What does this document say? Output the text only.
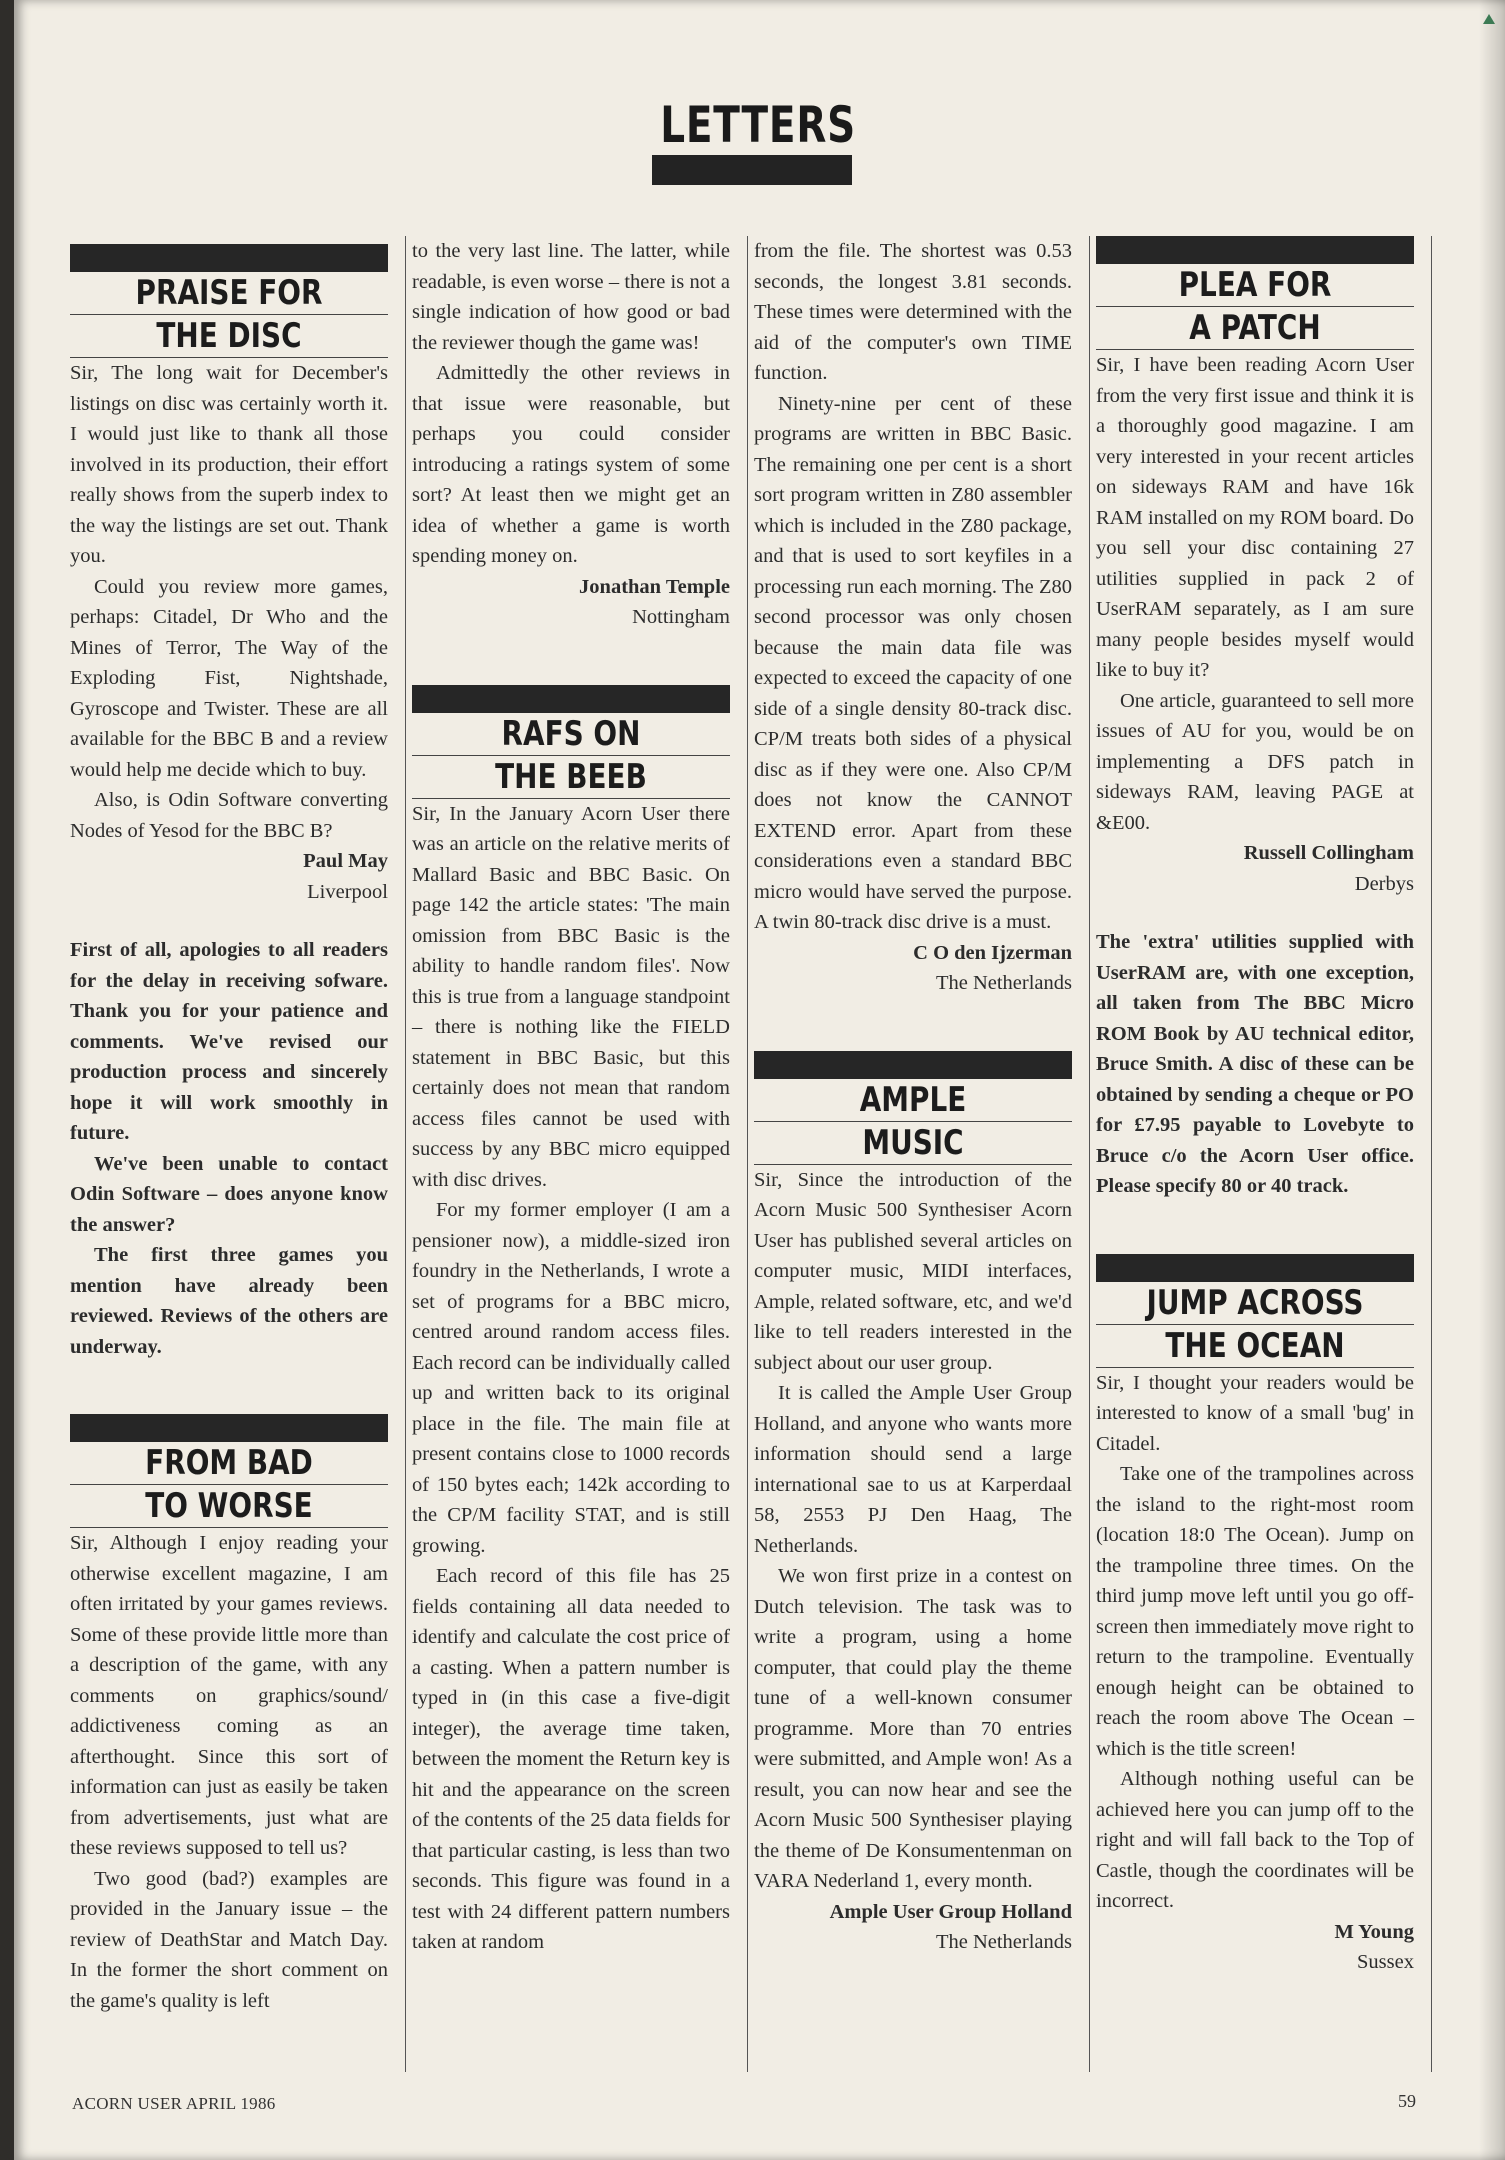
LETTERS
PRAISE FOR
THE DISC

Sir, The long wait for December's listings on disc was certainly worth it. I would just like to thank all those involved in its production, their effort really shows from the superb index to the way the listings are set out. Thank you.

Could you review more games, perhaps: Citadel, Dr Who and the Mines of Terror, The Way of the Exploding Fist, Nightshade, Gyroscope and Twister. These are all available for the BBC B and a review would help me decide which to buy.

Also, is Odin Software converting Nodes of Yesod for the BBC B?

Paul May
Liverpool

First of all, apologies to all readers for the delay in receiving sofware. Thank you for your patience and comments. We've revised our production process and sincerely hope it will work smoothly in future.

We've been unable to contact Odin Software – does anyone know the answer?

The first three games you mention have already been reviewed. Reviews of the others are underway.

FROM BAD
TO WORSE

Sir, Although I enjoy reading your otherwise excellent magazine, I am often irritated by your games reviews. Some of these provide little more than a description of the game, with any comments on graphics/sound/ addictiveness coming as an afterthought. Since this sort of information can just as easily be taken from advertisements, just what are these reviews supposed to tell us?

Two good (bad?) examples are provided in the January issue – the review of DeathStar and Match Day. In the former the short comment on the game's quality is left

to the very last line. The latter, while readable, is even worse – there is not a single indication of how good or bad the reviewer though the game was!

Admittedly the other reviews in that issue were reasonable, but perhaps you could consider introducing a ratings system of some sort? At least then we might get an idea of whether a game is worth spending money on.

Jonathan Temple
Nottingham
RAFS ON
THE BEEB

Sir, In the January Acorn User there was an article on the relative merits of Mallard Basic and BBC Basic. On page 142 the article states: 'The main omission from BBC Basic is the ability to handle random files'. Now this is true from a language standpoint – there is nothing like the FIELD statement in BBC Basic, but this certainly does not mean that random access files cannot be used with success by any BBC micro equipped with disc drives.

For my former employer (I am a pensioner now), a middle-sized iron foundry in the Netherlands, I wrote a set of programs for a BBC micro, centred around random access files. Each record can be individually called up and written back to its original place in the file. The main file at present contains close to 1000 records of 150 bytes each; 142k according to the CP/M facility STAT, and is still growing.

Each record of this file has 25 fields containing all data needed to identify and calculate the cost price of a casting. When a pattern number is typed in (in this case a five-digit integer), the average time taken, between the moment the Return key is hit and the appearance on the screen of the contents of the 25 data fields for that particular casting, is less than two seconds. This figure was found in a test with 24 different pattern numbers taken at random

from the file. The shortest was 0.53 seconds, the longest 3.81 seconds. These times were determined with the aid of the computer's own TIME function.

Ninety-nine per cent of these programs are written in BBC Basic. The remaining one per cent is a short sort program written in Z80 assembler which is included in the Z80 package, and that is used to sort keyfiles in a processing run each morning. The Z80 second processor was only chosen because the main data file was expected to exceed the capacity of one side of a single density 80-track disc. CP/M treats both sides of a physical disc as if they were one. Also CP/M does not know the CANNOT EXTEND error. Apart from these considerations even a standard BBC micro would have served the purpose. A twin 80-track disc drive is a must.

C O den Ijzerman
The Netherlands
AMPLE
MUSIC

Sir, Since the introduction of the Acorn Music 500 Synthesiser Acorn User has published several articles on computer music, MIDI interfaces, Ample, related software, etc, and we'd like to tell readers interested in the subject about our user group.

It is called the Ample User Group Holland, and anyone who wants more information should send a large international sae to us at Karperdaal 58, 2553 PJ Den Haag, The Netherlands.

We won first prize in a contest on Dutch television. The task was to write a program, using a home computer, that could play the theme tune of a well-known consumer programme. More than 70 entries were submitted, and Ample won! As a result, you can now hear and see the Acorn Music 500 Synthesiser playing the theme of De Konsumentenman on VARA Nederland 1, every month.

Ample User Group Holland
The Netherlands
PLEA FOR
A PATCH

Sir, I have been reading Acorn User from the very first issue and think it is a thoroughly good magazine. I am very interested in your recent articles on sideways RAM and have 16k RAM installed on my ROM board. Do you sell your disc containing 27 utilities supplied in pack 2 of UserRAM separately, as I am sure many people besides myself would like to buy it?

One article, guaranteed to sell more issues of AU for you, would be on implementing a DFS patch in sideways RAM, leaving PAGE at &E00.

Russell Collingham
Derbys

The 'extra' utilities supplied with UserRAM are, with one exception, all taken from The BBC Micro ROM Book by AU technical editor, Bruce Smith. A disc of these can be obtained by sending a cheque or PO for £7.95 payable to Lovebyte to Bruce c/o the Acorn User office. Please specify 80 or 40 track.

JUMP ACROSS
THE OCEAN

Sir, I thought your readers would be interested to know of a small 'bug' in Citadel.

Take one of the trampolines across the island to the right-most room (location 18:0 The Ocean). Jump on the trampoline three times. On the third jump move left until you go off-screen then immediately move right to return to the trampoline. Eventually enough height can be obtained to reach the room above The Ocean – which is the title screen!

Although nothing useful can be achieved here you can jump off to the right and will fall back to the Top of Castle, though the coordinates will be incorrect.

M Young
Sussex
ACORN USER APRIL 1986	59
